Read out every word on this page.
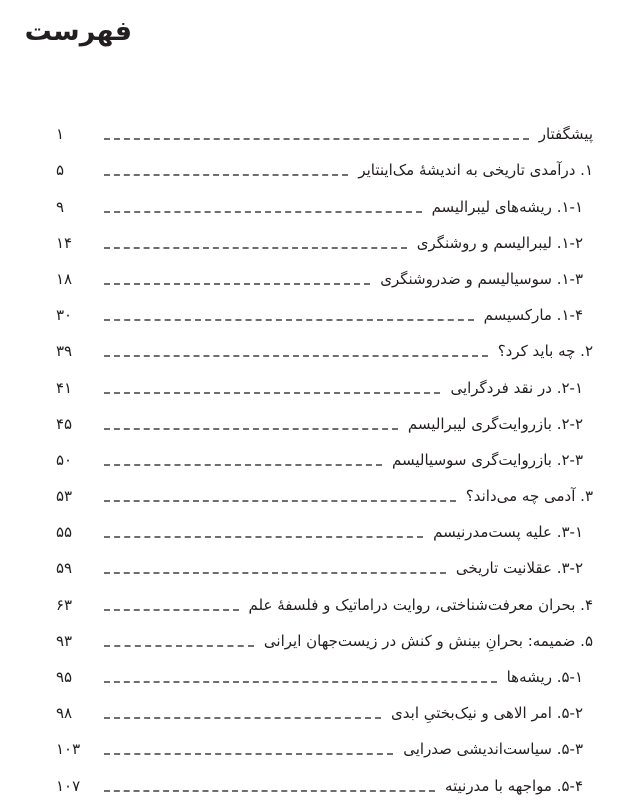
فهرست
پیشگفتار
۱
۱. درآمدی تاریخی به اندیشهٔ مک‌اینتایر
۵
۱-۱. ریشه‌های لیبرالیسم
۹
۱-۲. لیبرالیسم و روشنگری
۱۴
۱-۳. سوسیالیسم و ضدروشنگری
۱۸
۱-۴. مارکسیسم
۳۰
۲. چه باید کرد؟
۳۹
۲-۱. در نقد فردگرایی
۴۱
۲-۲. بازروایت‌گری لیبرالیسم
۴۵
۲-۳. بازروایت‌گری سوسیالیسم
۵۰
۳. آدمی چه می‌داند؟
۵۳
۳-۱. علیه پست‌مدرنیسم
۵۵
۳-۲. عقلانیت تاریخی
۵۹
۴. بحران معرفت‌شناختی، روایت دراماتیک و فلسفهٔ علم
۶۳
۵. ضمیمه: بحرانِ بینش و کنش در زیست‌جهان ایرانی
۹۳
۵-۱. ریشه‌ها
۹۵
۵-۲. امر الاهی و نیک‌بختیِ ابدی
۹۸
۵-۳. سیاست‌اندیشی صدرایی
۱۰۳
۵-۴. مواجهه با مدرنیته
۱۰۷
